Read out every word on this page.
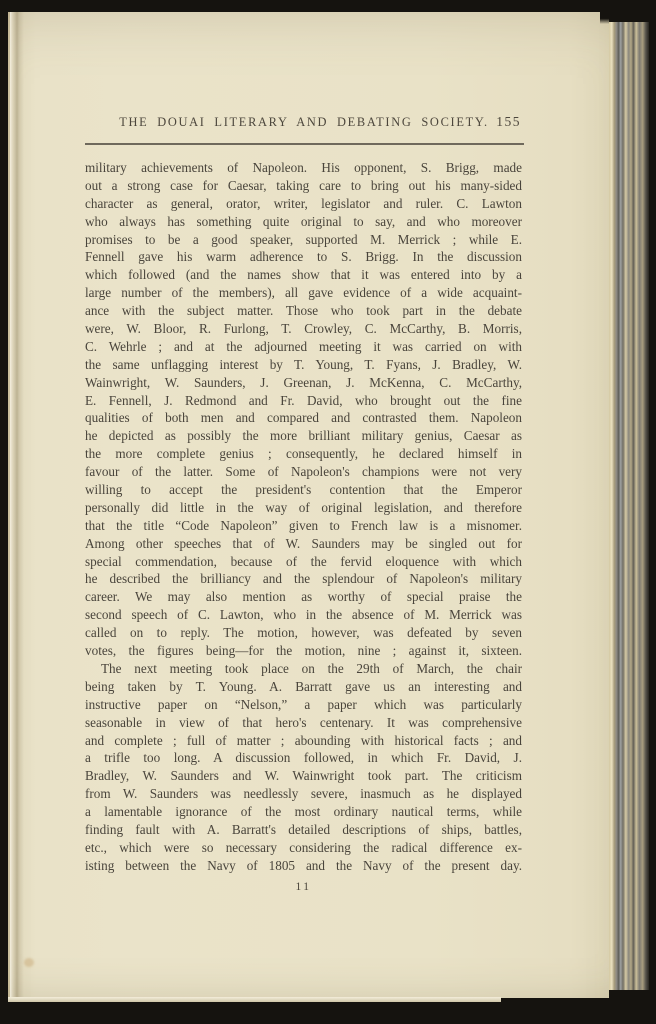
THE DOUAI LITERARY AND DEBATING SOCIETY. 155
military achievements of Napoleon. His opponent, S. Brigg, made
out a strong case for Caesar, taking care to bring out his many-sided
character as general, orator, writer, legislator and ruler. C. Lawton
who always has something quite original to say, and who moreover
promises to be a good speaker, supported M. Merrick ; while E.
Fennell gave his warm adherence to S. Brigg. In the discussion
which followed (and the names show that it was entered into by a
large number of the members), all gave evidence of a wide acquaint-
ance with the subject matter. Those who took part in the debate
were, W. Bloor, R. Furlong, T. Crowley, C. McCarthy, B. Morris,
C. Wehrle ; and at the adjourned meeting it was carried on with
the same unflagging interest by T. Young, T. Fyans, J. Bradley, W.
Wainwright, W. Saunders, J. Greenan, J. McKenna, C. McCarthy,
E. Fennell, J. Redmond and Fr. David, who brought out the fine
qualities of both men and compared and contrasted them. Napoleon
he depicted as possibly the more brilliant military genius, Caesar as
the more complete genius ; consequently, he declared himself in
favour of the latter. Some of Napoleon's champions were not very
willing to accept the president's contention that the Emperor
personally did little in the way of original legislation, and therefore
that the title “Code Napoleon” given to French law is a misnomer.
Among other speeches that of W. Saunders may be singled out for
special commendation, because of the fervid eloquence with which
he described the brilliancy and the splendour of Napoleon's military
career. We may also mention as worthy of special praise the
second speech of C. Lawton, who in the absence of M. Merrick was
called on to reply. The motion, however, was defeated by seven
votes, the figures being—for the motion, nine ; against it, sixteen.
The next meeting took place on the 29th of March, the chair
being taken by T. Young. A. Barratt gave us an interesting and
instructive paper on “Nelson,” a paper which was particularly
seasonable in view of that hero's centenary. It was comprehensive
and complete ; full of matter ; abounding with historical facts ; and
a trifle too long. A discussion followed, in which Fr. David, J.
Bradley, W. Saunders and W. Wainwright took part. The criticism
from W. Saunders was needlessly severe, inasmuch as he displayed
a lamentable ignorance of the most ordinary nautical terms, while
finding fault with A. Barratt's detailed descriptions of ships, battles,
etc., which were so necessary considering the radical difference ex-
isting between the Navy of 1805 and the Navy of the present day.
11
